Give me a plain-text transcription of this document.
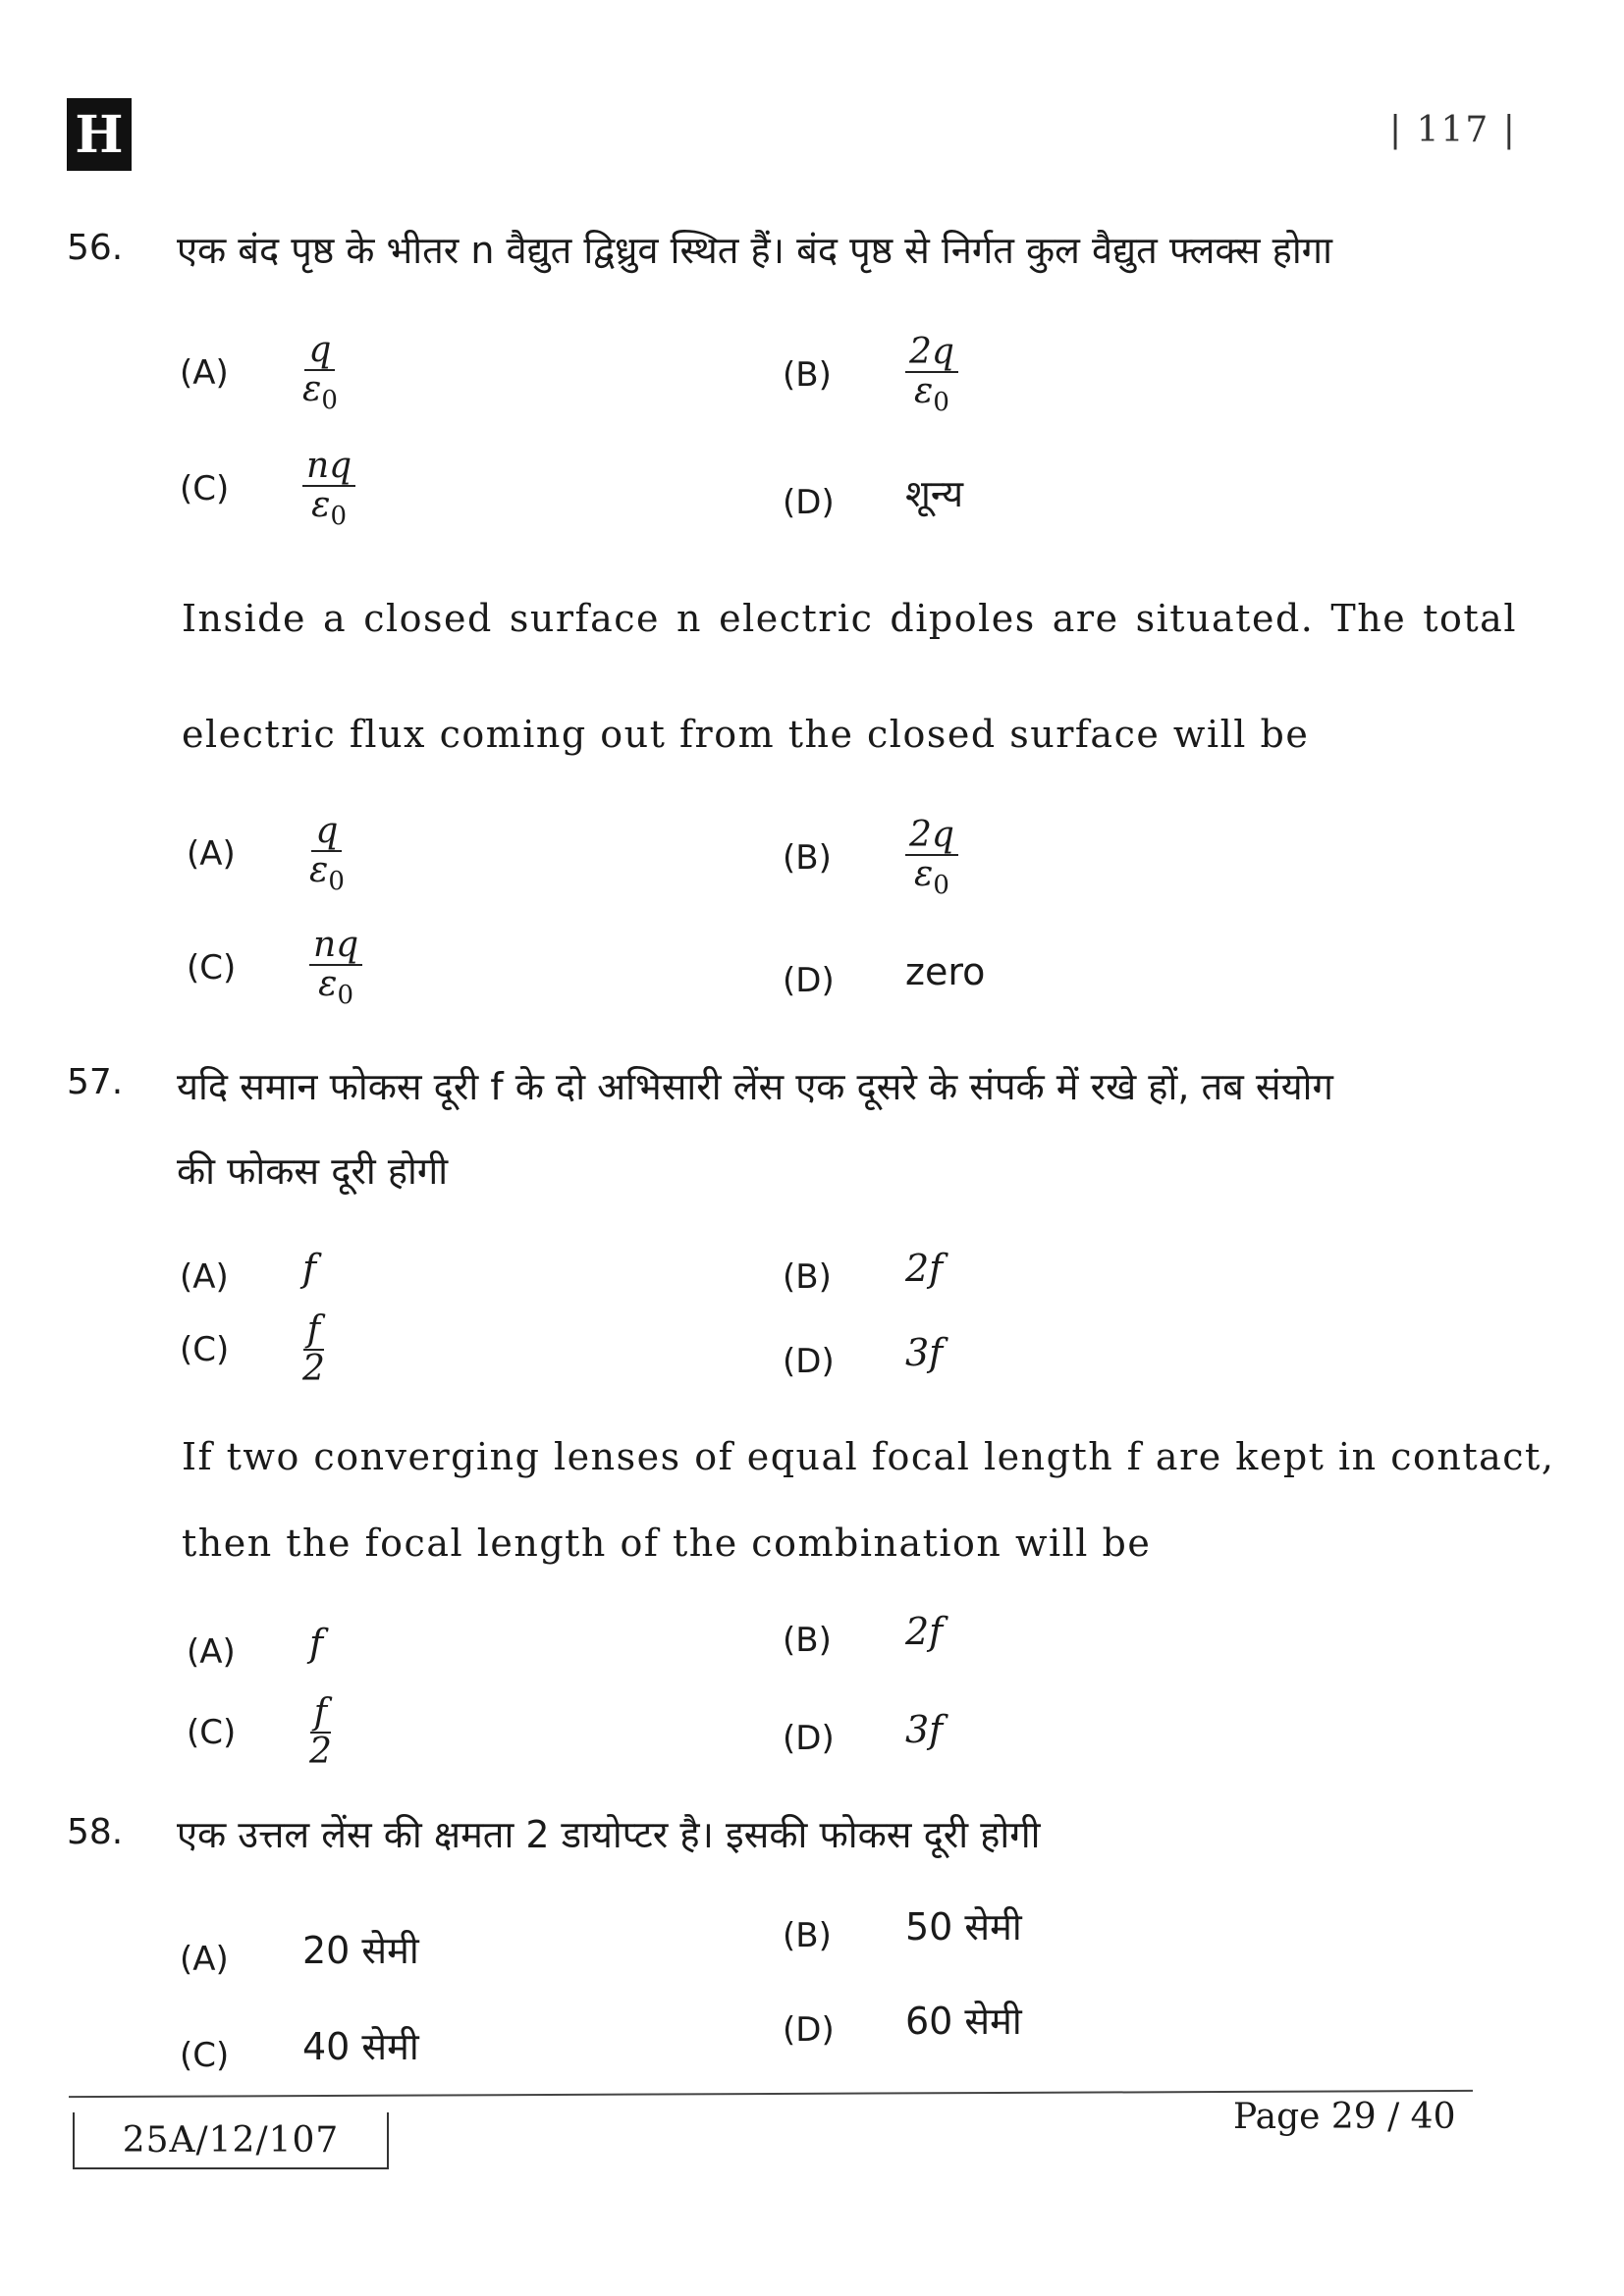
H	| 117 |
56. एक बंद पृष्ठ के भीतर n वैद्युत द्विध्रुव स्थित हैं। बंद पृष्ठ से निर्गत कुल वैद्युत फ्लक्स होगा
$(A) \frac{q}{\varepsilon_0}$	$(B) \frac{2q}{\varepsilon_0}$
$(C) \frac{nq}{\varepsilon_0}$	(D) शून्य
Inside a closed surface n electric dipoles are situated. The total
electric flux coming out from the closed surface will be
$(A) \frac{q}{\varepsilon_0}$	$(B) \frac{2q}{\varepsilon_0}$
$(C) \frac{nq}{\varepsilon_0}$	(D) zero
57. यदि समान फोकस दूरी f के दो अभिसारी लेंस एक दूसरे के संपर्क में रखे हों, तब संयोग
की फोकस दूरी होगी
(A) f	(B) 2f
$(C) \frac{f}{2}$	(D) 3f
If two converging lenses of equal focal length f are kept in contact,
then the focal length of the combination will be
(A) f	(B) 2f
$(C) \frac{f}{2}$	(D) 3f
58. एक उत्तल लेंस की क्षमता 2 डायोप्टर है। इसकी फोकस दूरी होगी
(A) 20 सेमी	(B) 50 सेमी
(C) 40 सेमी	(D) 60 सेमी
25A/12/107
Page 29 / 40
